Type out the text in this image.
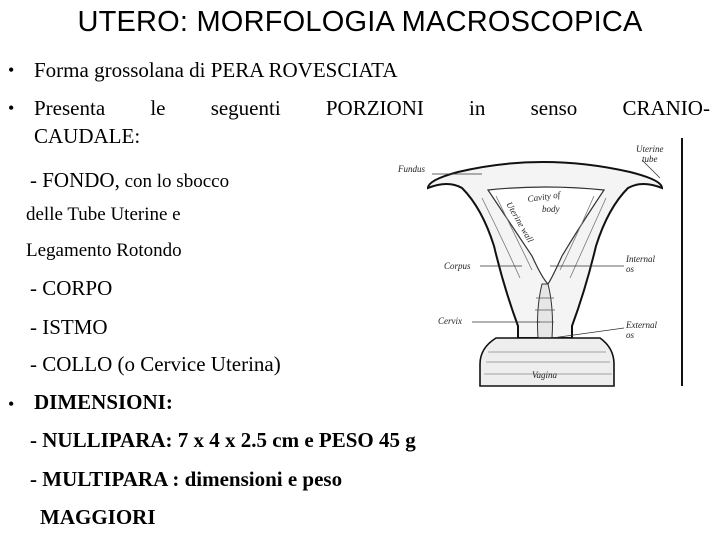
UTERO: MORFOLOGIA MACROSCOPICA
• Forma grossolana di PERA ROVESCIATA
• Presenta le seguenti PORZIONI in senso CRANIO-
CAUDALE:
- FONDO, con lo sbocco
delle Tube Uterine e
Legamento Rotondo
- CORPO
- ISTMO
- COLLO (o Cervice Uterina)
• DIMENSIONI:
- NULLIPARA: 7 x 4 x 2.5 cm e PESO 45 g
- MULTIPARA : dimensioni e peso
MAGGIORI
Fundus
Uterine
tube
Cavity of
body
Uterine wall
Corpus
Internal
os
Cervix	External
os
Vagina
